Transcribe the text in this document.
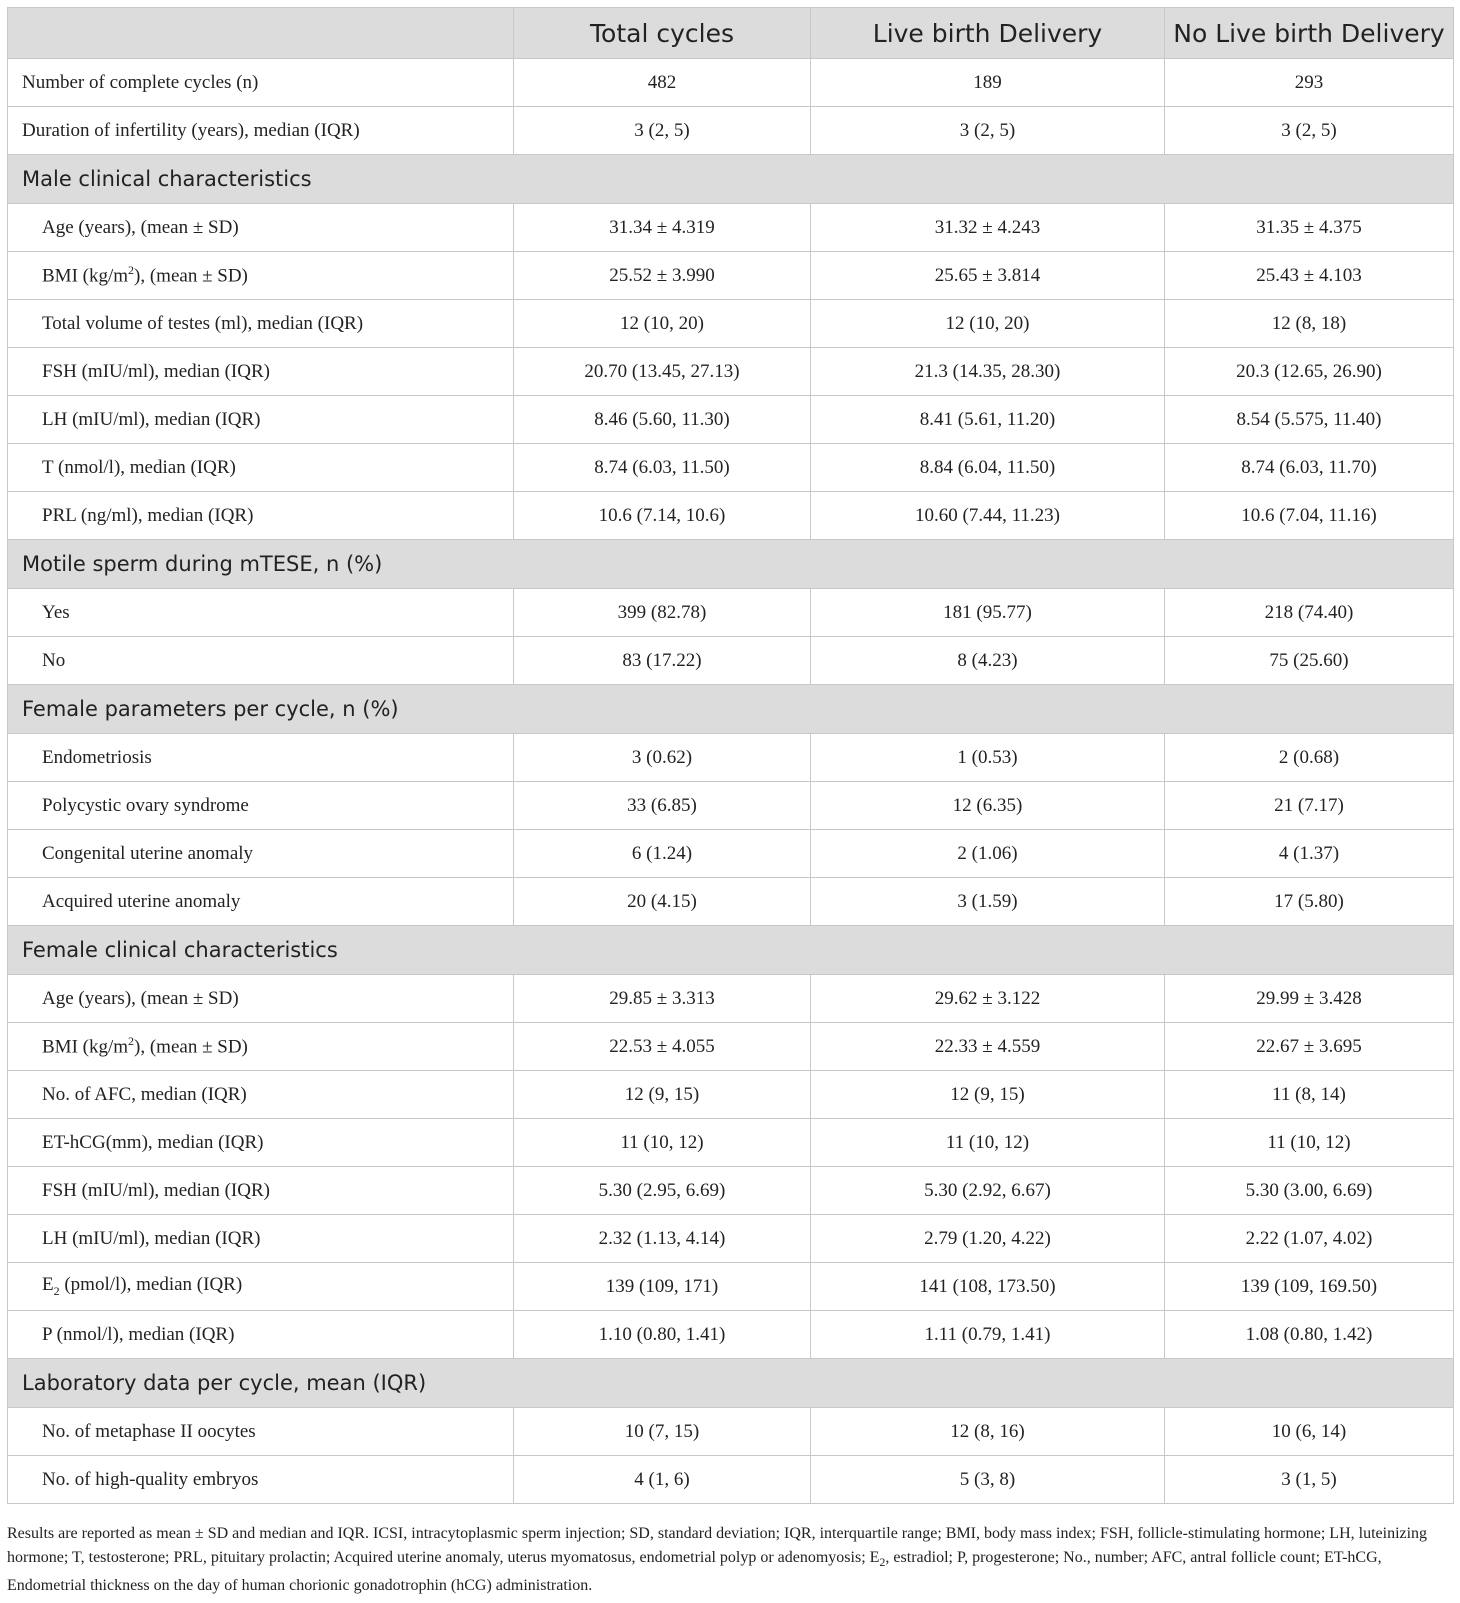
	Total cycles	Live birth Delivery	No Live birth Delivery
Number of complete cycles (n)	482	189	293
Duration of infertility (years), median (IQR)	3 (2, 5)	3 (2, 5)	3 (2, 5)
Male clinical characteristics			
Age (years), (mean ± SD)	31.34 ± 4.319	31.32 ± 4.243	31.35 ± 4.375
BMI $(kg/m^2)$, (mean ± SD)	25.52 ± 3.990	25.65 ± 3.814	25.43 ± 4.103
Total volume of testes (ml), median (IQR)	12 (10, 20)	12 (10, 20)	12 (8, 18)
FSH (mIU/ml), median (IQR)	20.70 (13.45, 27.13)	21.3 (14.35, 28.30)	20.3 (12.65, 26.90)
LH (mIU/ml), median (IQR)	8.46 (5.60, 11.30)	8.41 (5.61, 11.20)	8.54 (5.575, 11.40)
T (nmol/l), median (IQR)	8.74 (6.03, 11.50)	8.84 (6.04, 11.50)	8.74 (6.03, 11.70)
PRL (ng/ml), median (IQR)	10.6 (7.14, 10.6)	10.60 (7.44, 11.23)	10.6 (7.04, 11.16)
Motile sperm during mTESE, n (%)			
Yes	399 (82.78)	181 (95.77)	218 (74.40)
No	83 (17.22)	8 (4.23)	75 (25.60)
Female parameters per cycle, n (%)			
Endometriosis	3 (0.62)	1 (0.53)	2 (0.68)
Polycystic ovary syndrome	33 (6.85)	12 (6.35)	21 (7.17)
Congenital uterine anomaly	6 (1.24)	2 (1.06)	4 (1.37)
Acquired uterine anomaly	20 (4.15)	3 (1.59)	17 (5.80)
Female clinical characteristics			
Age (years), (mean ± SD)	29.85 ± 3.313	29.62 ± 3.122	29.99 ± 3.428
BMI $(kg/m^2)$, (mean ± SD)	22.53 ± 4.055	22.33 ± 4.559	22.67 ± 3.695
No. of AFC, median (IQR)	12 (9, 15)	12 (9, 15)	11 (8, 14)
ET-hCG(mm), median (IQR)	11 (10, 12)	11 (10, 12)	11 (10, 12)
FSH (mIU/ml), median (IQR)	5.30 (2.95, 6.69)	5.30 (2.92, 6.67)	5.30 (3.00, 6.69)
LH (mIU/ml), median (IQR)	2.32 (1.13, 4.14)	2.79 (1.20, 4.22)	2.22 (1.07, 4.02)
$E_2$ (pmol/l), median (IQR)	139 (109, 171)	141 (108, 173.50)	139 (109, 169.50)
P (nmol/l), median (IQR)	1.10 (0.80, 1.41)	1.11 (0.79, 1.41)	1.08 (0.80, 1.42)
Laboratory data per cycle, mean (IQR)			
No. of metaphase II oocytes	10 (7, 15)	12 (8, 16)	10 (6, 14)
No. of high-quality embryos	4 (1, 6)	5 (3, 8)	3 (1, 5)
Results are reported as mean ± SD and median and IQR. ICSI, intracytoplasmic sperm injection; SD, standard deviation; IQR, interquartile range; BMI, body mass index; FSH, follicle-stimulating hormone; LH, luteinizing hormone; T, testosterone; PRL, pituitary prolactin; Acquired uterine anomaly, uterus myomatosus, endometrial polyp or adenomyosis; $E_2$, estradiol; P, progesterone; No., number; AFC, antral follicle count; ET-hCG, Endometrial thickness on the day of human chorionic gonadotrophin (hCG) administration.
